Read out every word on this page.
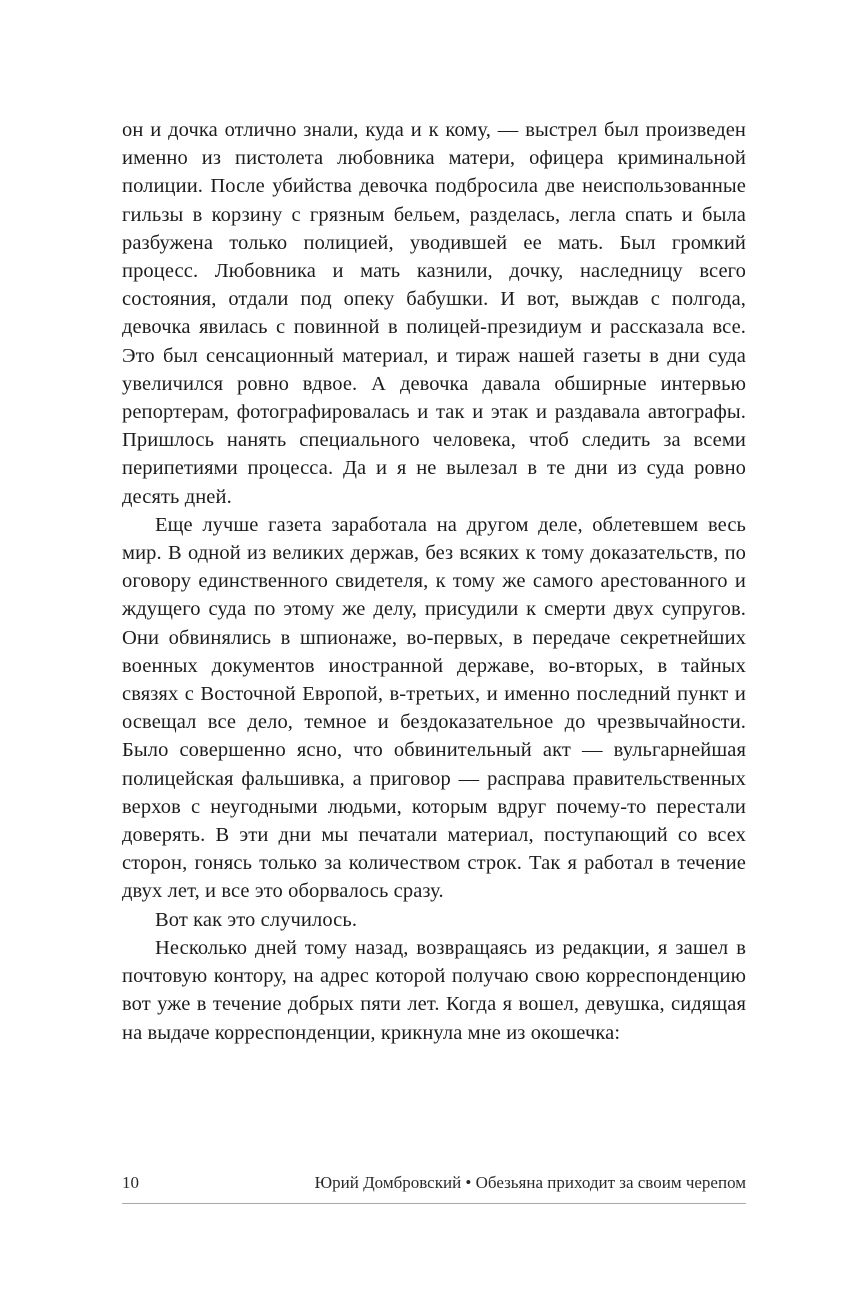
он и дочка отлично знали, куда и к кому, — выстрел был произведен именно из пистолета любовника матери, офицера криминальной полиции. После убийства девочка подбросила две неиспользованные гильзы в корзину с грязным бельем, разделась, легла спать и была разбужена только полицией, уводившей ее мать. Был громкий процесс. Любовника и мать казнили, дочку, наследницу всего состояния, отдали под опеку бабушки. И вот, выждав с полгода, девочка явилась с повинной в полицей-президиум и рассказала все. Это был сенсационный материал, и тираж нашей газеты в дни суда увеличился ровно вдвое. А девочка давала обширные интервью репортерам, фотографировалась и так и этак и раздавала автографы. Пришлось нанять специального человека, чтоб следить за всеми перипетиями процесса. Да и я не вылезал в те дни из суда ровно десять дней.

Еще лучше газета заработала на другом деле, облетевшем весь мир. В одной из великих держав, без всяких к тому доказательств, по оговору единственного свидетеля, к тому же самого арестованного и ждущего суда по этому же делу, присудили к смерти двух супругов. Они обвинялись в шпионаже, во-первых, в передаче секретнейших военных документов иностранной державе, во-вторых, в тайных связях с Восточной Европой, в-третьих, и именно последний пункт и освещал все дело, темное и бездоказательное до чрезвычайности. Было совершенно ясно, что обвинительный акт — вульгарнейшая полицейская фальшивка, а приговор — расправа правительственных верхов с неугодными людьми, которым вдруг почему-то перестали доверять. В эти дни мы печатали материал, поступающий со всех сторон, гонясь только за количеством строк. Так я работал в течение двух лет, и все это оборвалось сразу.

Вот как это случилось.

Несколько дней тому назад, возвращаясь из редакции, я зашел в почтовую контору, на адрес которой получаю свою корреспонденцию вот уже в течение добрых пяти лет. Когда я вошел, девушка, сидящая на выдаче корреспонденции, крикнула мне из окошечка:

10	Юрий Домбровский • Обезьяна приходит за своим черепом
